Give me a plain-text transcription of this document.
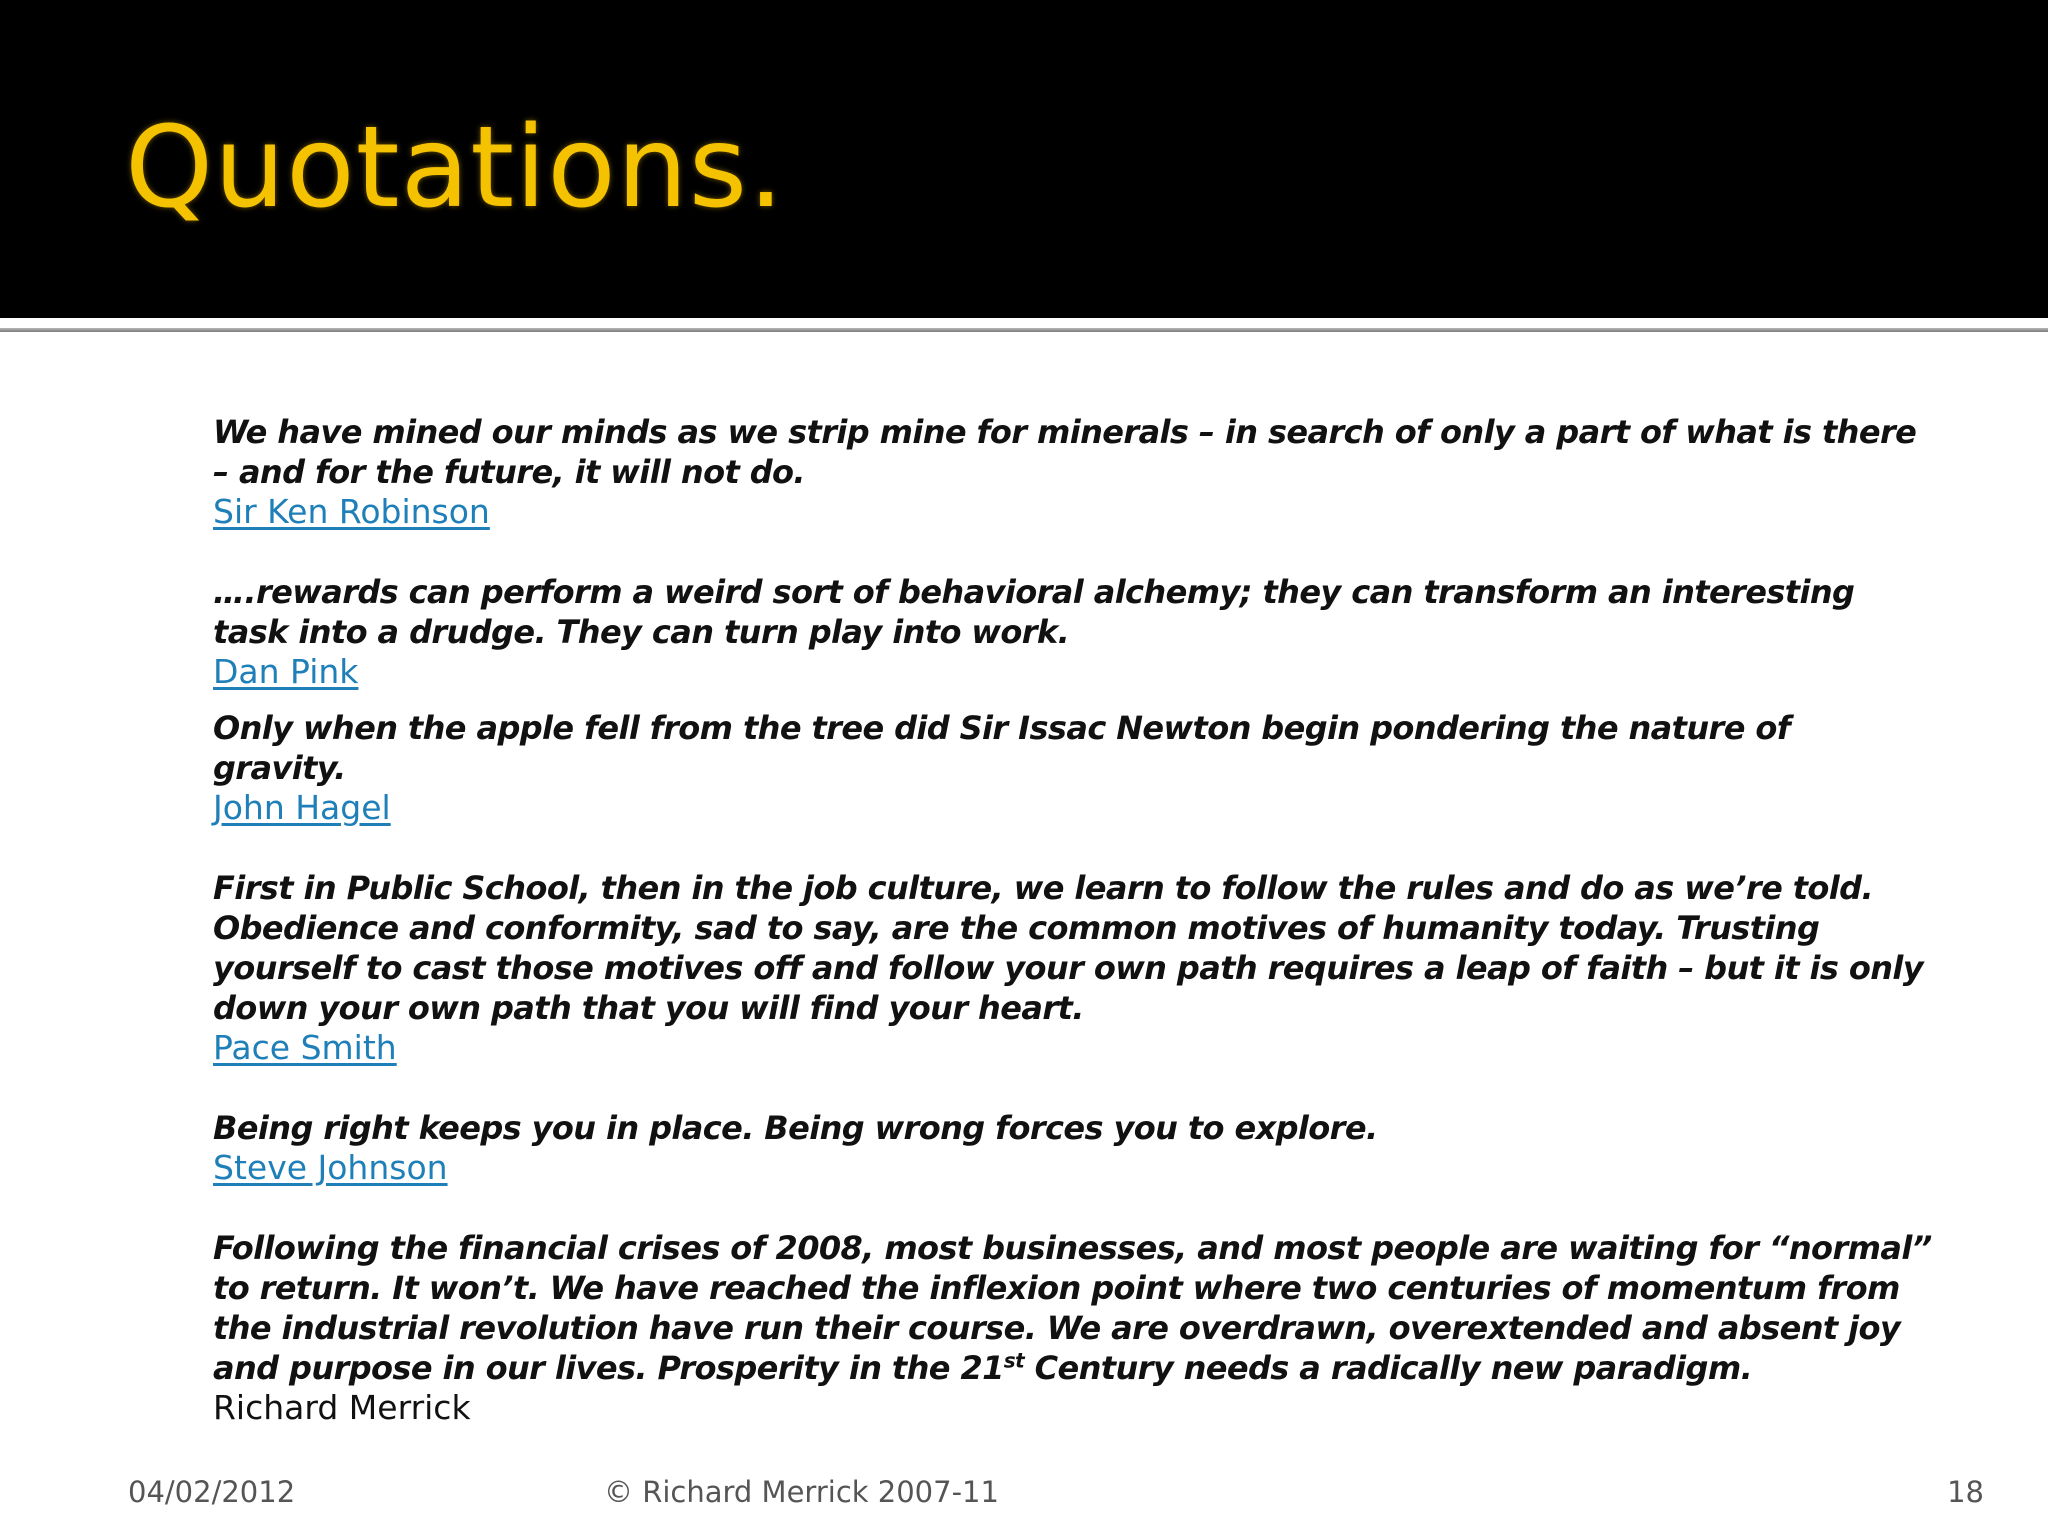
Quotations.

We have mined our minds as we strip mine for minerals – in search of only a part of what is there – and for the future, it will not do.

Sir Ken Robinson

….rewards can perform a weird sort of behavioral alchemy; they can transform an interesting task into a drudge. They can turn play into work.

Dan Pink

Only when the apple fell from the tree did Sir Issac Newton begin pondering the nature of gravity.

John Hagel

First in Public School, then in the job culture, we learn to follow the rules and do as we’re told. Obedience and conformity, sad to say, are the common motives of humanity today. Trusting yourself to cast those motives off and follow your own path requires a leap of faith – but it is only down your own path that you will find your heart.

Pace Smith

Being right keeps you in place. Being wrong forces you to explore.

Steve Johnson

Following the financial crises of 2008, most businesses, and most people are waiting for “normal” to return. It won’t. We have reached the inflexion point where two centuries of momentum from the industrial revolution have run their course. We are overdrawn, overextended and absent joy and purpose in our lives. Prosperity in the 21st Century needs a radically new paradigm.

Richard Merrick
04/02/2012	© Richard Merrick 2007-11	18
